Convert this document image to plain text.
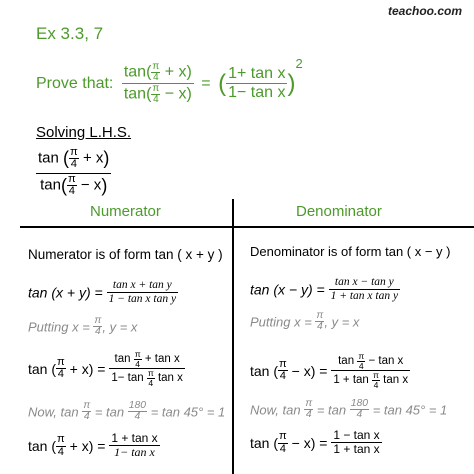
teachoo.com
Ex 3.3, 7
Prove that: $\frac{\tan( \frac{\pi}{4} + x)}{\tan( \frac{\pi}{4} - x)}$ = ( $\frac{\text{1+ tan x}}{\text{1− tan x}} )^2$
Solving L.H.S.
$\frac{\tan ( \frac{\pi}{4} + x)}{\tan( \frac{\pi}{4} - x)}$
Numerator	Denominator
Numerator is of form tan ( x + y )
$\tan (x + y) = \frac{\text{tan x + tan y}}{\text{1 − tan x tan y}}$
Putting $x = \frac{\pi}{4}$ , y = x
tan ( $\frac{\pi}{4} + x) = \frac{\tan \frac{\pi}{4} + \tan x}{1- \tan \frac{\pi}{4} \tan x}$
Now, $\tan \frac{\pi}{4} = \tan \frac{180}{4} = \tan 45^\circ = 1$
tan ( $\frac{\pi}{4} + x) = \frac{\text{1 + tan x}}{\text{1− tan x}}$
Denominator is of form tan ( x − y )
$\tan (x - y) = \frac{\text{tan x − tan y}}{\text{1 + tan x tan y}}$
Putting $x = \frac{\pi}{4}$ , y = x
tan ( $\frac{\pi}{4} - x) = \frac{\tan \frac{\pi}{4} - \tan x}{1 + \tan \frac{\pi}{4} \tan x}$
Now, $\tan \frac{\pi}{4} = \tan \frac{180}{4} = \tan 45^\circ = 1$
tan ( $\frac{\pi}{4} - x) = \frac{\text{1 − tan x}}{\text{1 + tan x}}$
